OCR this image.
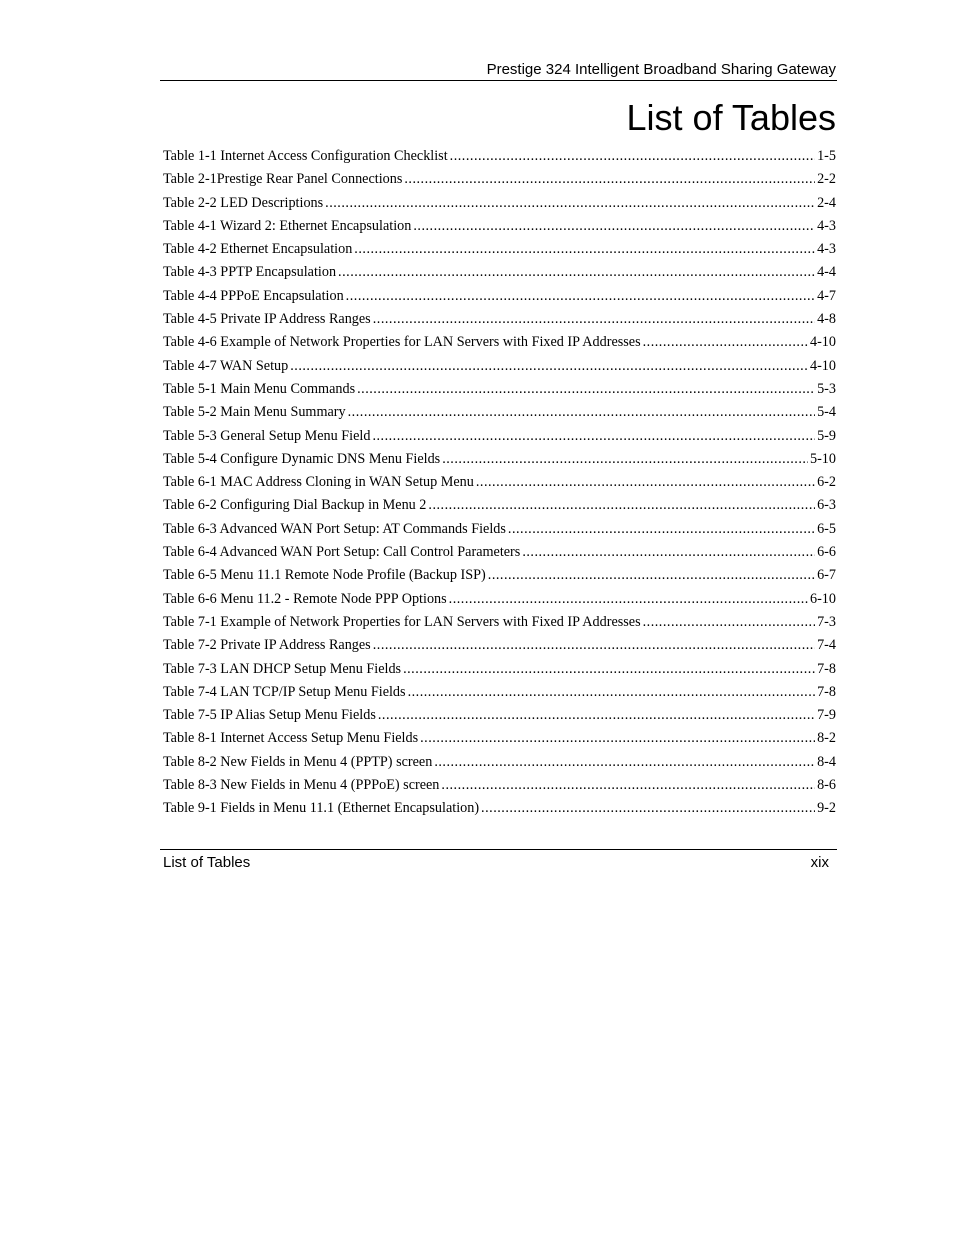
Prestige 324 Intelligent Broadband Sharing Gateway
List of Tables
Table 1-1 Internet Access Configuration Checklist .....	1-5
Table 2-1Prestige Rear Panel Connections .....	2-2
Table 2-2 LED Descriptions .....	2-4
Table 4-1 Wizard 2: Ethernet Encapsulation .....	4-3
Table 4-2 Ethernet Encapsulation .....	4-3
Table 4-3 PPTP Encapsulation .....	4-4
Table 4-4 PPPoE Encapsulation .....	4-7
Table 4-5 Private IP Address Ranges .....	4-8
Table 4-6 Example of Network Properties for LAN Servers with Fixed IP Addresses .....	4-10
Table 4-7 WAN Setup .....	4-10
Table 5-1 Main Menu Commands .....	5-3
Table 5-2 Main Menu Summary .....	5-4
Table 5-3 General Setup Menu Field .....	5-9
Table 5-4 Configure Dynamic DNS Menu Fields .....	5-10
Table 6-1 MAC Address Cloning in WAN Setup Menu .....	6-2
Table 6-2 Configuring Dial Backup in Menu 2 .....	6-3
Table 6-3 Advanced WAN Port Setup: AT Commands Fields .....	6-5
Table 6-4 Advanced WAN Port Setup: Call Control Parameters .....	6-6
Table 6-5 Menu 11.1 Remote Node Profile (Backup ISP) .....	6-7
Table 6-6 Menu 11.2 - Remote Node PPP Options .....	6-10
Table 7-1 Example of Network Properties for LAN Servers with Fixed IP Addresses .....	7-3
Table 7-2 Private IP Address Ranges .....	7-4
Table 7-3 LAN DHCP Setup Menu Fields .....	7-8
Table 7-4 LAN TCP/IP Setup Menu Fields .....	7-8
Table 7-5 IP Alias Setup Menu Fields .....	7-9
Table 8-1 Internet Access Setup Menu Fields .....	8-2
Table 8-2 New Fields in Menu 4 (PPTP) screen .....	8-4
Table 8-3 New Fields in Menu 4 (PPPoE) screen .....	8-6
Table 9-1 Fields in Menu 11.1 (Ethernet Encapsulation) .....	9-2
List of Tables	xix
